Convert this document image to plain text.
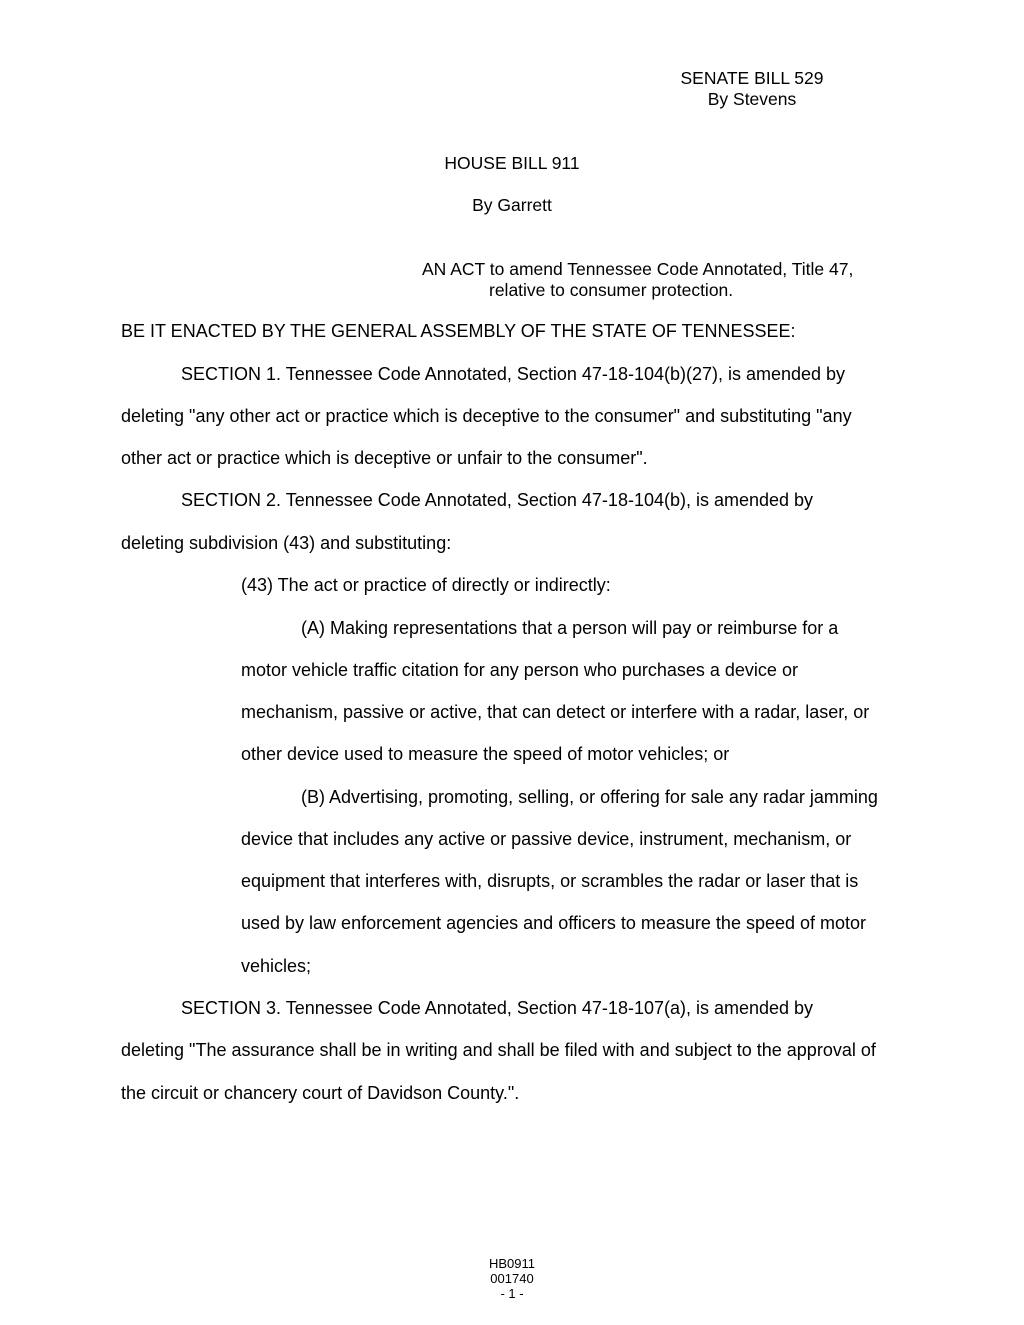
SENATE BILL 529
By Stevens
HOUSE BILL 911
By Garrett
AN ACT to amend Tennessee Code Annotated, Title 47,
relative to consumer protection.
BE IT ENACTED BY THE GENERAL ASSEMBLY OF THE STATE OF TENNESSEE:
SECTION 1. Tennessee Code Annotated, Section 47-18-104(b)(27), is amended by
deleting "any other act or practice which is deceptive to the consumer" and substituting "any
other act or practice which is deceptive or unfair to the consumer".
SECTION 2. Tennessee Code Annotated, Section 47-18-104(b), is amended by
deleting subdivision (43) and substituting:
(43) The act or practice of directly or indirectly:
(A) Making representations that a person will pay or reimburse for a
motor vehicle traffic citation for any person who purchases a device or
mechanism, passive or active, that can detect or interfere with a radar, laser, or
other device used to measure the speed of motor vehicles; or
(B) Advertising, promoting, selling, or offering for sale any radar jamming
device that includes any active or passive device, instrument, mechanism, or
equipment that interferes with, disrupts, or scrambles the radar or laser that is
used by law enforcement agencies and officers to measure the speed of motor
vehicles;
SECTION 3. Tennessee Code Annotated, Section 47-18-107(a), is amended by
deleting "The assurance shall be in writing and shall be filed with and subject to the approval of
the circuit or chancery court of Davidson County.".
HB0911
001740
- 1 -
